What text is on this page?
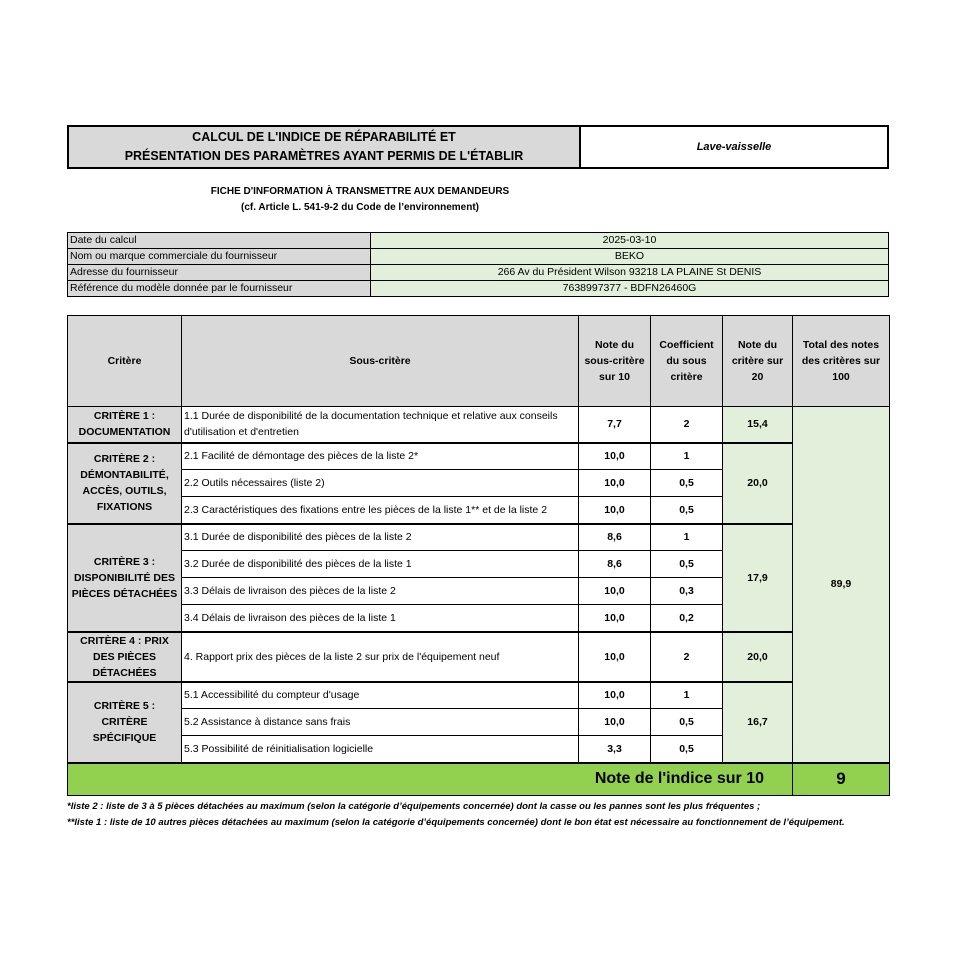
CALCUL DE L'INDICE DE RÉPARABILITÉ ET
PRÉSENTATION DES PARAMÈTRES AYANT PERMIS DE L'ÉTABLIR
Lave-vaisselle
FICHE D'INFORMATION À TRANSMETTRE AUX DEMANDEURS
(cf. Article L. 541-9-2 du Code de l’environnement)
Date du calcul	2025-03-10
Nom ou marque commerciale du fournisseur	BEKO
Adresse du fournisseur	266 Av du Président Wilson 93218 LA PLAINE St DENIS
Référence du modèle donnée par le fournisseur	7638997377 - BDFN26460G
Critère	Sous-critère	Note du sous-critère sur 10	Coefficient du sous critère	Note du critère sur 20	Total des notes des critères sur 100
CRITÈRE 1 : DOCUMENTATION	1.1 Durée de disponibilité de la documentation technique et relative aux conseils d'utilisation et d'entretien	7,7	2	15,4	89,9
CRITÈRE 2 : DÉMONTABILITÉ, ACCÈS, OUTILS, FIXATIONS	2.1 Facilité de démontage des pièces de la liste 2*	10,0	1	20,0	
	2.2 Outils nécessaires (liste 2)	10,0	0,5		
	2.3 Caractéristiques des fixations entre les pièces de la liste 1** et de la liste 2	10,0	0,5		
CRITÈRE 3 : DISPONIBILITÉ DES PIÈCES DÉTACHÉES	3.1 Durée de disponibilité des pièces de la liste 2	8,6	1	17,9	
	3.2 Durée de disponibilité des pièces de la liste 1	8,6	0,5		
	3.3 Délais de livraison des pièces de la liste 2	10,0	0,3		
	3.4 Délais de livraison des pièces de la liste 1	10,0	0,2		
CRITÈRE 4 : PRIX DES PIÈCES DÉTACHÉES	4. Rapport prix des pièces de la liste 2 sur prix de l'équipement neuf	10,0	2	20,0	
CRITÈRE 5 : CRITÈRE SPÉCIFIQUE	5.1 Accessibilité du compteur d'usage	10,0	1	16,7	
	5.2 Assistance à distance sans frais	10,0	0,5		
	5.3 Possibilité de réinitialisation logicielle	3,3	0,5		
Note de l'indice sur 10					9
*liste 2 : liste de 3 à 5 pièces détachées au maximum (selon la catégorie d’équipements concernée) dont la casse ou les pannes sont les plus fréquentes ;
**liste 1 : liste de 10 autres pièces détachées au maximum (selon la catégorie d’équipements concernée) dont le bon état est nécessaire au fonctionnement de l’équipement.
